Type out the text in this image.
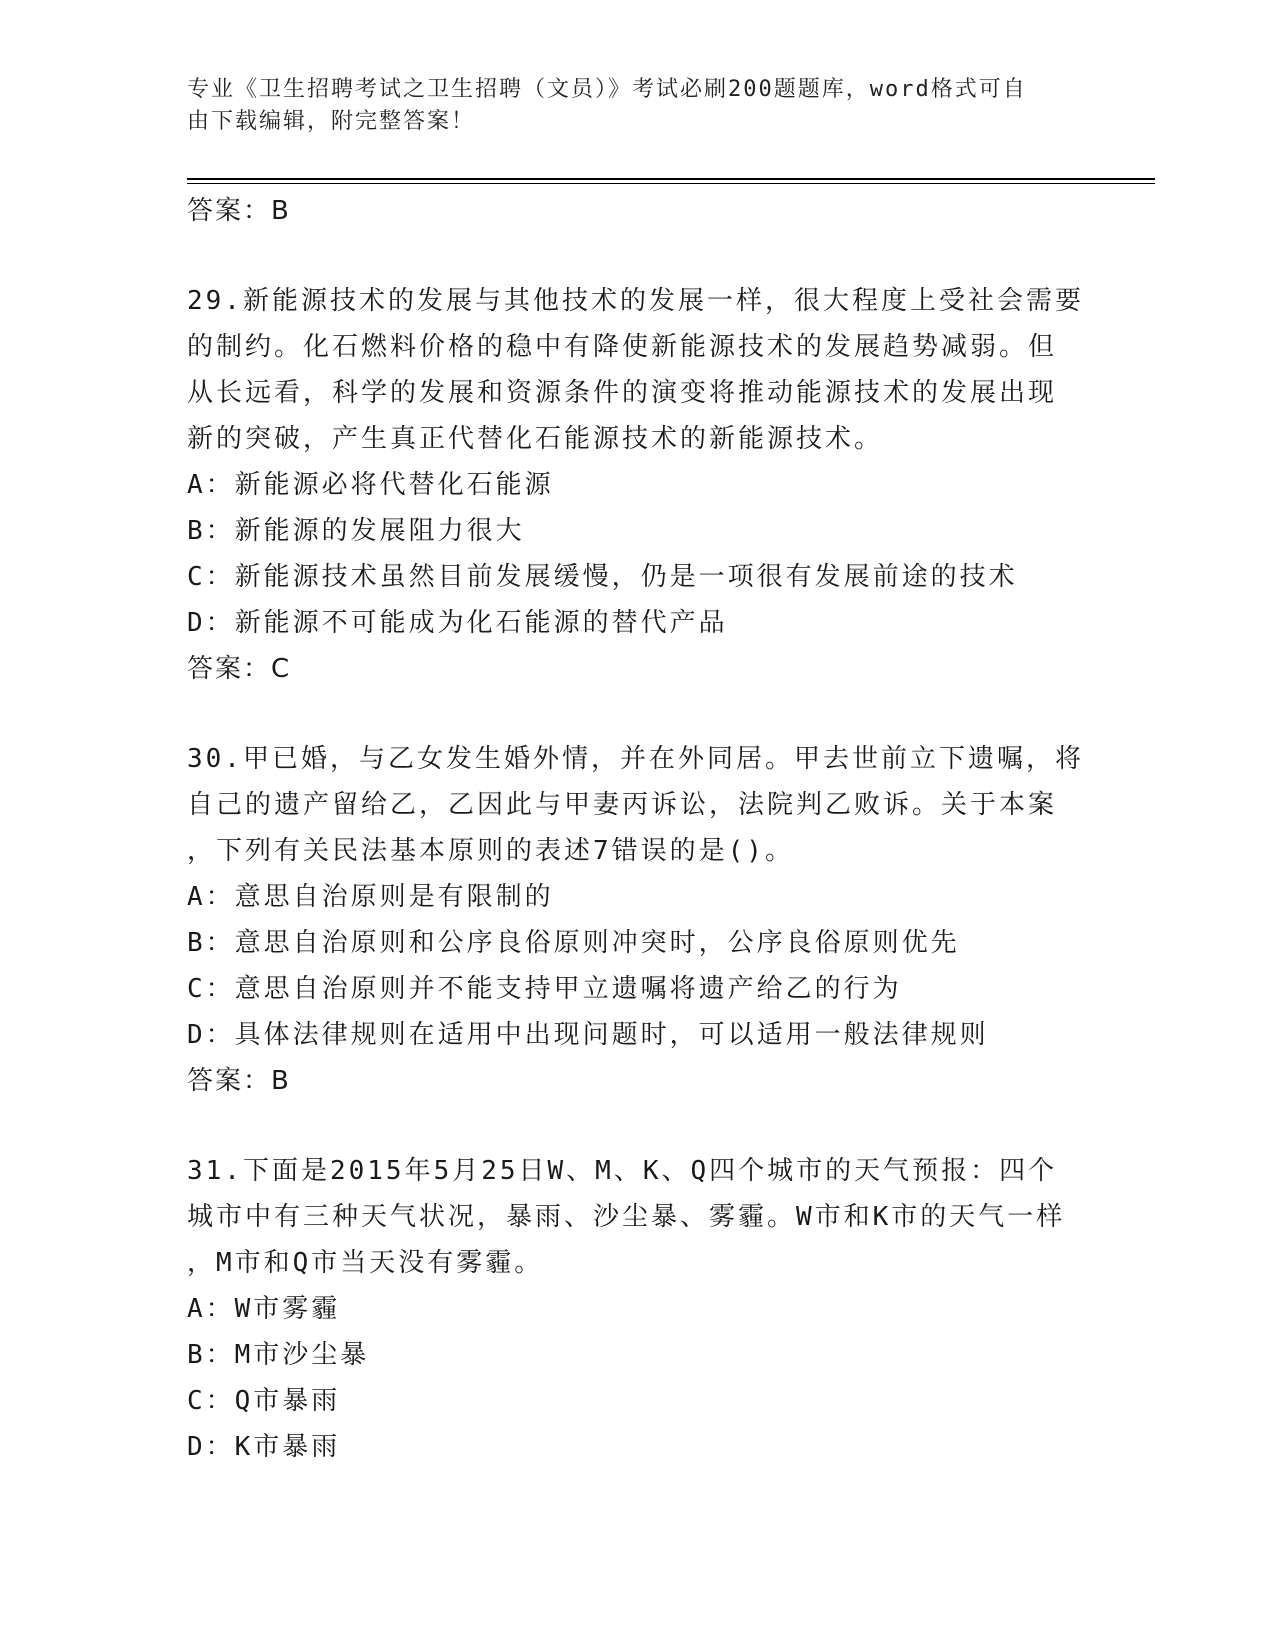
专业《卫生招聘考试之卫生招聘（文员）》考试必刷200题题库，word格式可自
由下载编辑，附完整答案！
答案：B
29.新能源技术的发展与其他技术的发展一样，很大程度上受社会需要
的制约。化石燃料价格的稳中有降使新能源技术的发展趋势减弱。但
从长远看，科学的发展和资源条件的演变将推动能源技术的发展出现
新的突破，产生真正代替化石能源技术的新能源技术。
A：新能源必将代替化石能源
B：新能源的发展阻力很大
C：新能源技术虽然目前发展缓慢，仍是一项很有发展前途的技术
D：新能源不可能成为化石能源的替代产品
答案：C
30.甲已婚，与乙女发生婚外情，并在外同居。甲去世前立下遗嘱，将
自己的遗产留给乙，乙因此与甲妻丙诉讼，法院判乙败诉。关于本案
，下列有关民法基本原则的表述7错误的是()。
A：意思自治原则是有限制的
B：意思自治原则和公序良俗原则冲突时，公序良俗原则优先
C：意思自治原则并不能支持甲立遗嘱将遗产给乙的行为
D：具体法律规则在适用中出现问题时，可以适用一般法律规则
答案：B
31.下面是2015年5月25日W、M、K、Q四个城市的天气预报：四个
城市中有三种天气状况，暴雨、沙尘暴、雾霾。W市和K市的天气一样
，M市和Q市当天没有雾霾。
A：W市雾霾
B：M市沙尘暴
C：Q市暴雨
D：K市暴雨
